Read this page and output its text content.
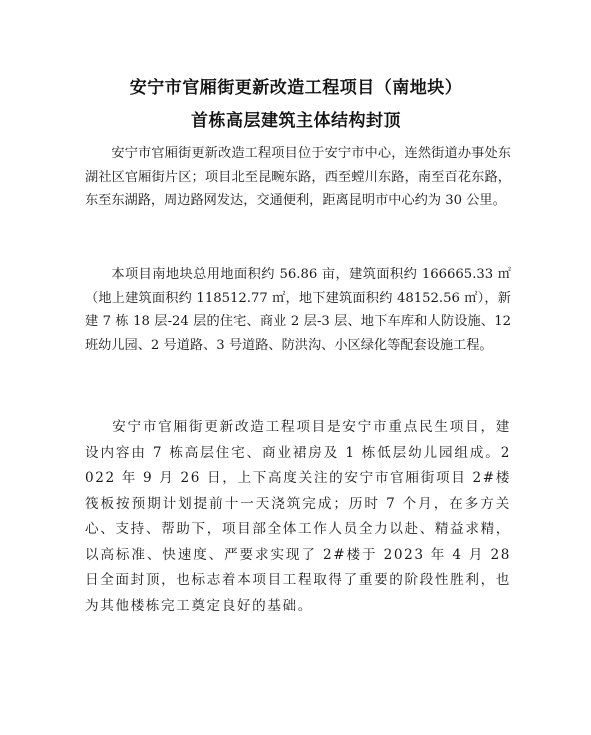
安宁市官厢街更新改造工程项目（南地块）
首栋高层建筑主体结构封顶

安宁市官厢街更新改造工程项目位于安宁市中心，连然街道办事处东湖社区官厢街片区；项目北至昆畹东路，西至螳川东路，南至百花东路，东至东湖路，周边路网发达，交通便利，距离昆明市中心约为 30 公里。

本项目南地块总用地面积约 56.86 亩，建筑面积约 166665.33 ㎡（地上建筑面积约 118512.77 ㎡，地下建筑面积约 48152.56 ㎡），新建 7 栋 18 层-24 层的住宅、商业 2 层-3 层、地下车库和人防设施、12 班幼儿园、2 号道路、3 号道路、防洪沟、小区绿化等配套设施工程。

安宁市官厢街更新改造工程项目是安宁市重点民生项目，建设内容由 7 栋高层住宅、商业裙房及 1 栋低层幼儿园组成。2022 年 9 月 26 日，上下高度关注的安宁市官厢街项目 2#楼筏板按预期计划提前十一天浇筑完成；历时 7 个月，在多方关心、支持、帮助下，项目部全体工作人员全力以赴、精益求精，以高标准、快速度、严要求实现了 2#楼于 2023 年 4 月 28 日全面封顶，也标志着本项目工程取得了重要的阶段性胜利，也为其他楼栋完工奠定良好的基础。
